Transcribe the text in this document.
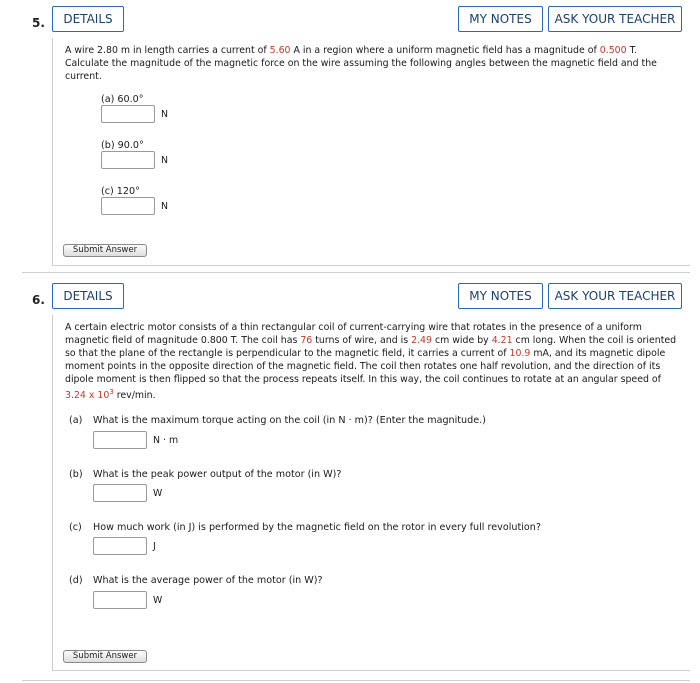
5.	DETAILS	MY NOTES	ASK YOUR TEACHER

A wire 2.80 m in length carries a current of 5.60 A in a region where a uniform magnetic field has a magnitude of 0.500 T. Calculate the magnitude of the magnetic force on the wire assuming the following angles between the magnetic field and the current.

(a) 60.0°
N
(b) 90.0°
N
(c) 120°
N
Submit Answer
6.	DETAILS	MY NOTES	ASK YOUR TEACHER

A certain electric motor consists of a thin rectangular coil of current-carrying wire that rotates in the presence of a uniform magnetic field of magnitude 0.800 T. The coil has 76 turns of wire, and is 2.49 cm wide by 4.21 cm long. When the coil is oriented so that the plane of the rectangle is perpendicular to the magnetic field, it carries a current of 10.9 mA, and its magnetic dipole moment points in the opposite direction of the magnetic field. The coil then rotates one half revolution, and the direction of its dipole moment is then flipped so that the process repeats itself. In this way, the coil continues to rotate at an angular speed of
3.24 x $10^3$ rev/min.

(a) What is the maximum torque acting on the coil (in N · m)? (Enter the magnitude.)
N · m
(b) What is the peak power output of the motor (in W)?
W
(c) How much work (in J) is performed by the magnetic field on the rotor in every full revolution?
J
(d) What is the average power of the motor (in W)?
W
Submit Answer
